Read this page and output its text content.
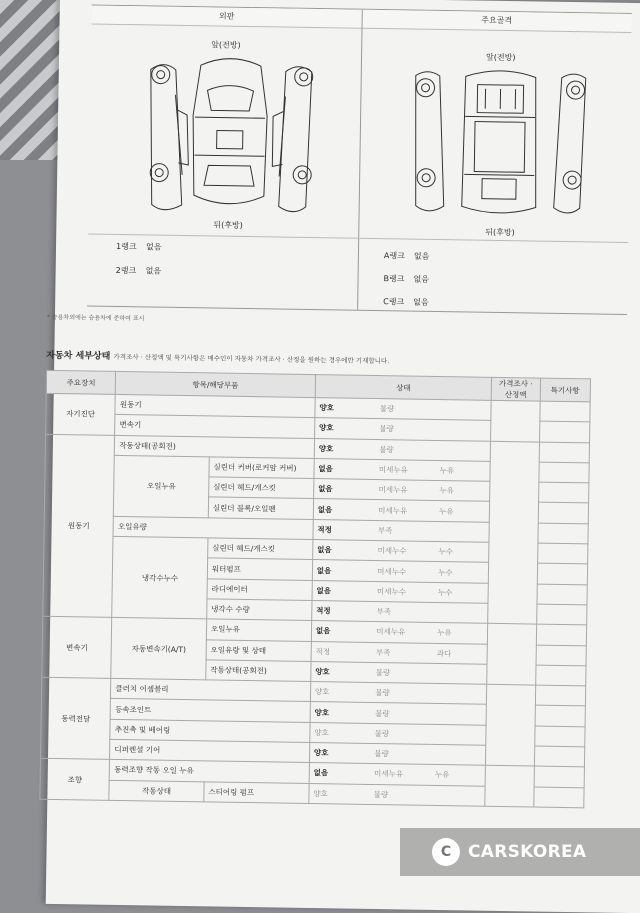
외판	주요골격
앞(전방)
뒤(후방)
앞(전방)
뒤(후방)
1랭크 없음
2랭크 없음
A랭크 없음
B랭크 없음
C랭크 없음
* 승용차외에는 승용차에 준하여 표시
자동차 세부상태 가격조사 · 산정액 및 특기사항은 매수인이 자동차 가격조사 · 산정을 원하는 경우에만 기재합니다.
주요장치	항목/해당부품		상태			가격조사 · 산정액	특기사항
자기진단	원동기		양호	불량			
	변속기		양호	불량			
원동기	작동상태(공회전)		양호	불량			
	오일누유	실린더 커버(로커암 커버)	없음	미세누유	누유		
		실린더 헤드/개스킷	없음	미세누유	누유		
		실린더 블록/오일팬	없음	미세누유	누유		
	오일유량		적정	부족			
	냉각수누수	실린더 헤드/개스킷	없음	미세누수	누수		
		워터펌프	없음	미세누수	누수		
		라디에이터	없음	미세누수	누수		
		냉각수 수량	적정	부족			
변속기	자동변속기(A/T)	오일누유	없음	미세누유	누유		
		오일유량 및 상태	적정	부족	과다		
		작동상태(공회전)	양호	불량			
동력전달	클러치 어셈블리		양호	불량			
	등속조인트		양호	불량			
	추진축 및 베어링		양호	불량			
	디퍼렌셜 기어		양호	불량			
조향	동력조향 작동 오일 누유		없음	미세누유	누유		
	작동상태	스티어링 펌프	양호	불량			
C CARSKOREA
